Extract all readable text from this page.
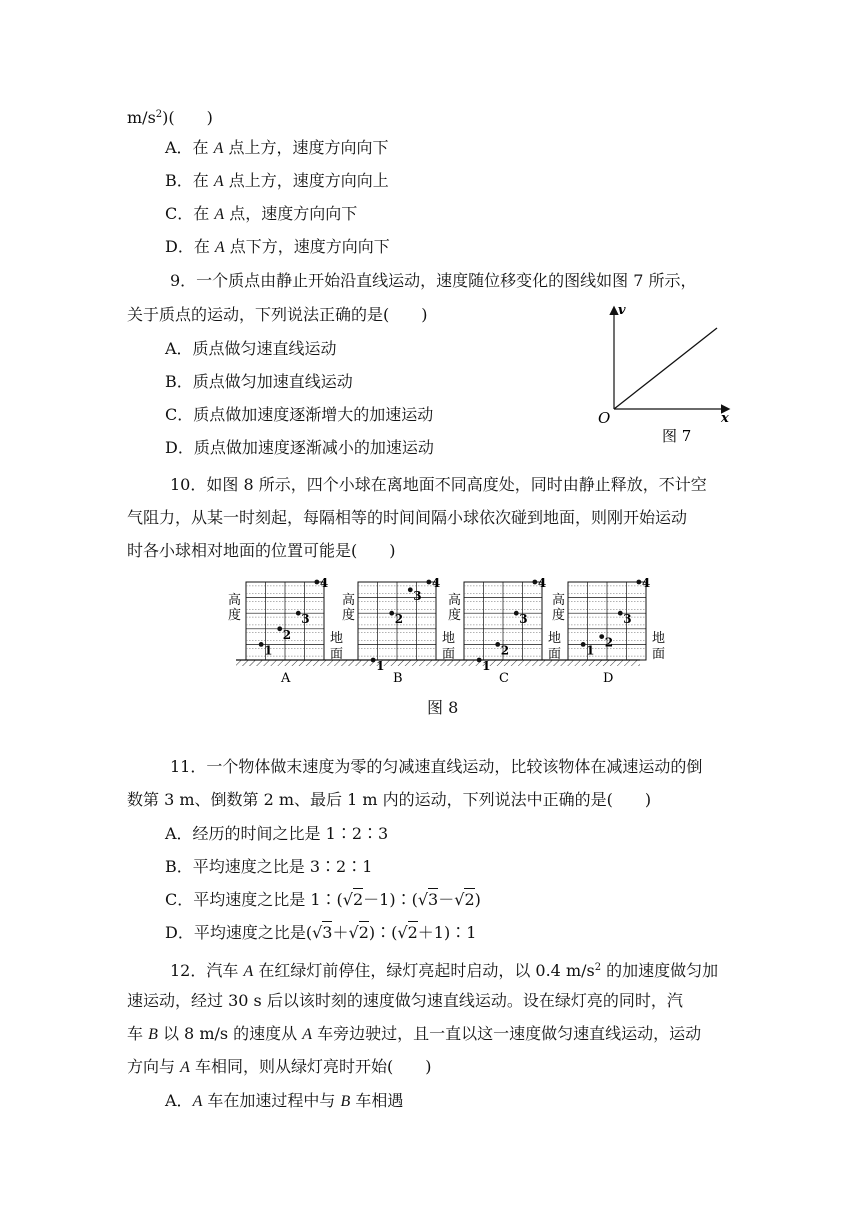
$m/s^2$)(　　)
A．在 A 点上方，速度方向向下
B．在 A 点上方，速度方向向上
C．在 A 点，速度方向向下
D．在 A 点下方，速度方向向下
9．一个质点由静止开始沿直线运动，速度随位移变化的图线如图 7 所示，
关于质点的运动，下列说法正确的是(　　)
A．质点做匀速直线运动
B．质点做匀加速直线运动
C．质点做加速度逐渐增大的加速运动
D．质点做加速度逐渐减小的加速运动
v
x
O
图 7
10．如图 8 所示，四个小球在离地面不同高度处，同时由静止释放，不计空
气阻力，从某一时刻起，每隔相等的时间间隔小球依次碰到地面，则刚开始运动
时各小球相对地面的位置可能是(　　)
高
度
地
面
1
2
3
4
A
高
度
地
面
1
2
3
4
B
高
度
地
面
1
2
3
4
C
高
度
地
面
1
2
3
4
D
图 8
11．一个物体做末速度为零的匀减速直线运动，比较该物体在减速运动的倒
数第 3 m、倒数第 2 m、最后 1 m 内的运动，下列说法中正确的是(　　)
A．经历的时间之比是 1∶2∶3
B．平均速度之比是 3∶2∶1
C．平均速度之比是 1∶(√2－1)∶(√3－√2)
D．平均速度之比是(√3＋√2)∶(√2＋1)∶1
12．汽车 A 在红绿灯前停住，绿灯亮起时启动，以 0.4 $m/s^2$ 的加速度做匀加
速运动，经过 30 s 后以该时刻的速度做匀速直线运动。设在绿灯亮的同时，汽
车 B 以 8 m/s 的速度从 A 车旁边驶过，且一直以这一速度做匀速直线运动，运动
方向与 A 车相同，则从绿灯亮时开始(　　)
A．A 车在加速过程中与 B 车相遇
